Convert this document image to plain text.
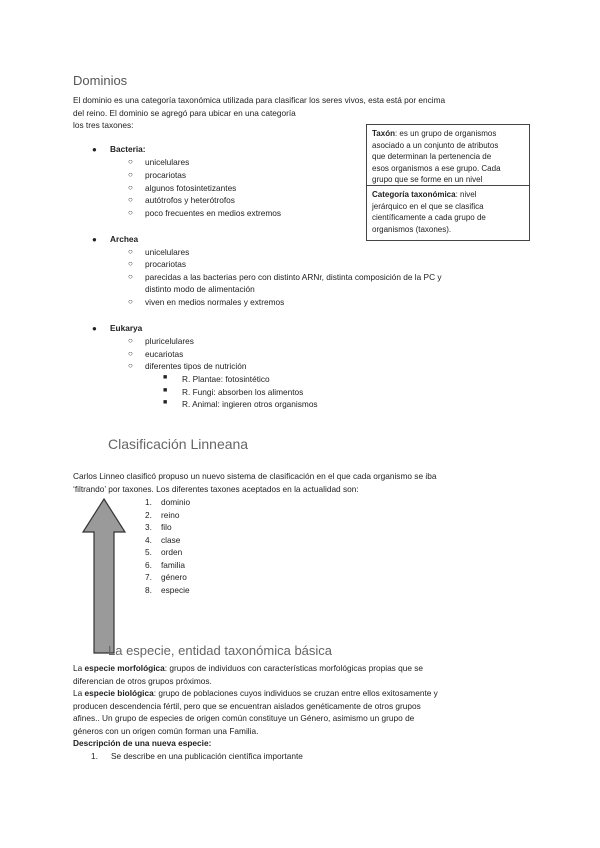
Dominios
El dominio es una categoría taxonómica utilizada para clasificar los seres vivos, esta está por encima
del reino. El dominio se agregó para ubicar en una categoría
los tres taxones:
Taxón: es un grupo de organismos
asociado a un conjunto de atributos
que determinan la pertenencia de
esos organismos a ese grupo. Cada
grupo que se forme en un nivel
Categoría taxonómica: nivel
jerárquico en el que se clasifica
científicamente a cada grupo de
organismos (taxones).
● Bacteria:
○ unicelulares
○ procariotas
○ algunos fotosintetizantes
○ autótrofos y heterótrofos
○ poco frecuentes en medios extremos
● Archea
○ unicelulares
○ procariotas
○ parecidas a las bacterias pero con distinto ARNr, distinta composición de la PC y
distinto modo de alimentación
○ viven en medios normales y extremos
● Eukarya
○ pluricelulares
○ eucariotas
○ diferentes tipos de nutrición
■ R. Plantae: fotosintético
■ R. Fungi: absorben los alimentos
■ R. Animal: ingieren otros organismos
Clasificación Linneana
Carlos Linneo clasificó propuso un nuevo sistema de clasificación en el que cada organismo se iba
‘filtrando’ por taxones. Los diferentes taxones aceptados en la actualidad son:
1. dominio
2. reino
3. filo
4. clase
5. orden
6. familia
7. género
8. especie
La especie, entidad taxonómica básica
La especie morfológica: grupos de individuos con características morfológicas propias que se
diferencian de otros grupos próximos.
La especie biológica: grupo de poblaciones cuyos individuos se cruzan entre ellos exitosamente y
producen descendencia fértil, pero que se encuentran aislados genéticamente de otros grupos
afines.. Un grupo de especies de origen común constituye un Género, asimismo un grupo de
géneros con un origen común forman una Familia.
Descripción de una nueva especie:
1. Se describe en una publicación científica importante
